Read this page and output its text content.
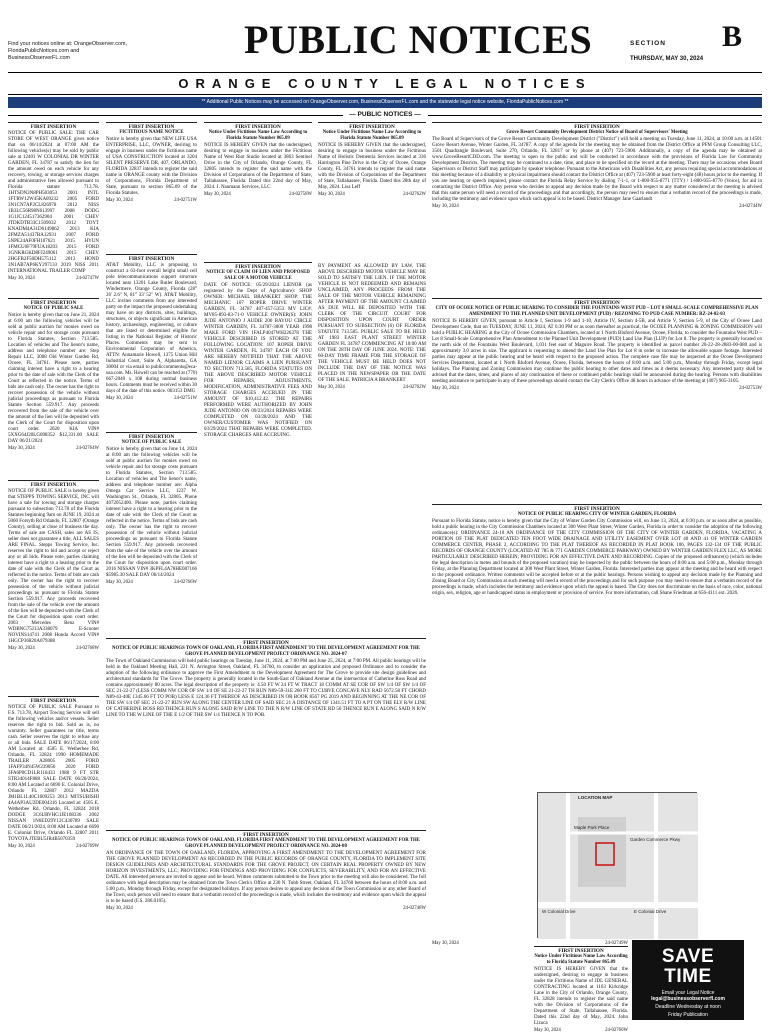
Find your notices online at: OrangeObserver.com,
FloridaPublicNotices.com and
BusinessObserverFL.com	PUBLIC NOTICES	SECTION B
THURSDAY, MAY 30, 2024
ORANGE COUNTY LEGAL NOTICES
** Additional Public Notices may be accessed on OrangeObserver.com, BusinessObserverFL.com and the statewide legal notice website, FloridaPublicNotices.com **
— PUBLIC NOTICES —
FIRST INSERTION
NOTICE OF PUBLIC SALE: THE CAR STORE OF WEST ORANGE gives notice that on 06/14/2024 at 07:00 AM the following vehicles(s) may be sold by public sale at 12401 W COLONIAL DR WINTER GARDEN, FL 34787 to satisfy the lien for the amount owed on each vehicle for any recovery, towing, or storage services charges and administrative fees allowed pursuant to Florida statute 713.78. 1HTSDN3N8PH503053 2001 INTL 1FTRW12W45KA09232 2005 FORD 3N1CN7AP2CL826978 2012 NISS 1B3LC56R98N613997 2008 DODG 1G1JC124517362904 2001 CHEV JTDKDTB33C1509032 2012 TOYT KNADM4A31D6149862 2013 KIA 2FMZA51437BA12931 2007 FORD 5NPE24AF0FH107621 2015 HYUN 1FMCU0F79FUA18203 2015 FORD 1GNKRGKD8FJ249061 2015 CHEV 2HGFB2F50DH575112 2013 HOND 3N1AB7AP6KY297133 2019 NISS 2011 INTERNATIONAL TRAILER COMP
May 30, 2024	24-02747W
FIRST INSERTION
NOTICE OF PUBLIC SALE
Notice is hereby given that on June 21, 2024 at 6:00 am the following vehicles will be sold at public auction for monies owed on vehicle repair and for storage costs pursuant to Florida Statutes, Section 713.585. Location of vehicles and The lienor's name, address and telephone number are: Step Repair LLC, 3008 Old Winter Garden Rd, Ocoee, FL 34761. Please note, parties claiming interest have a right to a hearing prior to the date of sale with the Clerk of the Court as reflected in the notice. Terms of bids are cash only. The owner has the right to recover possession of the vehicle without judicial proceedings as pursuant to Florida Statute Section 559.917. Any proceeds recovered from the sale of the vehicle over the amount of the lien will be deposited with the Clerk of the Court for disposition upon court order. 2020 KIA VIN# 5XXG64J20LG098352 $12,331.00 SALE DAY 06/21/2024
May 30, 2024	24-02764W
FIRST INSERTION
NOTICE OF PUBLIC SALE is hereby given that STEPPS TOWING SERVICE, INC will have a sale for towing and storage charges pursuant to subsection 713.78 of the Florida Statutes beginning 9am on JUNE 19, 2024 at 5060 Forsyth Rd Orlando, FL 32807 (Orange County), selling at close of business the day. Terms of sale are CASH, sales are AS IS, seller does not guarantee a title, ALL SALES ARE FINAL. Stepps Towing Service, Inc. reserves the right to bid and accept or reject any or all bids. Please note, parties claiming interest have a right to a hearing prior to the date of sale with the Clerk of the Court as reflected in the notice. Terms of bids are cash only. The owner has the right to recover possession of the vehicle without judicial proceedings as pursuant to Florida Statute Section 559.917. Any proceeds recovered from the sale of the vehicle over the amount of the lien will be deposited with the Clerk of the Court for disposition upon court order. 2003 Mercedes Benz VIN# WDBNG75J13A338079 E-Scooter NOVINS14741 2008 Honda Accord VIN# 1HGCP36820A079388
May 30, 2024	24-02768W
FIRST INSERTION
NOTICE OF PUBLIC SALE Pursuant to F.S. 713.78, Airport Towing Service will sell the following vehicles and/or vessels. Seller reserves the right to bid. Sold as is, no warranty. Seller guarantees no title, terms cash. Seller reserves the right to refuse any or all bids. SALE DATE 06/17/2024, 8:00 AM Located at: 4505 E. Wetherbee Rd, Orlando, FL 32824 1990 HOMEMADE TRAILER A28005 2005 FORD 1FAFP34N45W239056 2020 FORD 3FA6P0CD1LR118433 1988 9 FT STR STR34014F888 SALE DATE 06/20/2024, 8:00 AM Located at 6690 E. Colonial Drive, Orlando FL 32807 2012 MAZDA JM1BL1L40C1609253 2013 MITSUBISHI 4A4AP3AU2DE004316 Located at: 4505 E. Wetherbee Rd, Orlando, FL 32824 2018 DODGE 3C6URVHG1JE108336 2002 NISSAN 1N6ED29Y12C430789 SALE DATE 06/21/2024, 8:00 AM Located at 6690 E. Colonial Drive, Orlando FL 32807 2011 TOYOTA JTEBU5JR4B5070359
May 30, 2024	24-02769W
FIRST INSERTION
FICTITIOUS NAME NOTICE
Notice is hereby given that NEW LIFE USA ENTERPRISE, LLC, OWNER, desiring to engage in business under the fictitious name of USA CONSTRUCTION located at 3204 SILENT PRESERVE DR, 407, ORLANDO, FLORIDA 32837 intends to register the said name in ORANGE county with the Division of Corporations, Florida Department of State, pursuant to section 865.09 of the Florida Statutes.
May 30, 2024	24-02751W
FIRST INSERTION
AT&T Mobility, LLC is proposing to construct a 63-foot overall height small cell pole telecommunications support structure located near 13201 Lake Butler Boulevard, Windermere, Orange County, Florida (28° 26' 2.6" N, 81° 33' 52" W). AT&T Mobility, LLC invites comments from any interested party on the impact the proposed undertaking may have on any districts, sites, buildings, structures, or objects significant in American history, archaeology, engineering, or culture that are listed or determined eligible for listing in the National Register of Historic Places. Comments may be sent to Environmental Corporation of America, ATTN: Annamarie Howell, 1375 Union Hill Industrial Court, Suite A, Alpharetta, GA 30004 or via email to publiccomments@eca-usa.com. Ms. Howell can be reached at (770) 667-2040 x 108 during normal business hours. Comments must be received within 30 days of the date of this notice. 003153 DMG
May 30, 2024	24-02751W
FIRST INSERTION
NOTICE OF PUBLIC SALE
Notice is hereby given that on June 14, 2024 at 8:00 am the following vehicles will be sold at public auction for monies owed on vehicle repair and for storage costs pursuant to Florida Statutes, Section 713.585. Location of vehicles and The lienor's name, address and telephone number are: Alpha Omega Car Service LLC, 1237 W. Washington St., Orlando, FL 32805. Phone 4072052400. Please note, parties claiming interest have a right to a hearing prior to the date of sale with the Clerk of the Court as reflected in the notice. Terms of bids are cash only. The owner has the right to recover possession of the vehicle without judicial proceedings as pursuant to Florida Statute Section 559.917. Any proceeds recovered from the sale of the vehicle over the amount of the lien will be deposited with the Clerk of the Court for disposition upon court order. 2016 NISSAN VIN# 3KPFL4A78HE087166 $5985.30 SALE DAY 06/14/2024
May 30, 2024	24-02766W
FIRST INSERTION
Notice Under Fictitious Name Law According to Florida Statute Number 865.09
NOTICE IS HEREBY GIVEN that the undersigned, desiring to engage in business under the Fictitious Name of West Riot Studio located at 3863 Sentinel Drive in the City of Orlando, Orange County, FL 32805 intends to register the said name with the Division of Corporations of the Department of State, Tallahassee, Florida. Dated this 22nd day of May, 2024. J. Naumann Services, LLC
May 30, 2024	24-02758W
FIRST INSERTION
NOTICE OF CLAIM OF LIEN AND PROPOSED SALE OF A MOTOR VEHICLE
DATE OF NOTICE: 05/29/2024 LIENOR (as registered by the Dept of Agriculture): SHOP OWNER: MICHAEL BRANKERT SHOP: THE MECHANIC 107 ROPER DRIVE WINTER GARDEN, FL 34787 407-457-5353 MV LIC#: MV85-893-83-71-0 VEHICLE OWNER(S): JOHN JUDE ANTONIO J AUDIE 200 BAYOU CIRCLE WINTER GARDEN, FL 34787-3000 YEAR 1998 MAKE FORD VIN 1FALP4047WH226378 THE VEHICLE DESCRIBED IS STORED AT THE FOLLOWING LOCATION: 107 ROPER DRIVE WINTER GARDEN, FL 34787 EACH OF YOU ARE HEREBY NOTIFIED THAT THE ABOVE NAMED LIENOR CLAIMS A LIEN PURSUANT TO SECTION 713.585, FLORIDA STATUTES ON THE ABOVE DESCRIBED MOTOR VEHICLE FOR REPAIRS, ADJUSTMENTS, MODIFICATION, ADMINISTRATIVE FEES AND STORAGE CHARGES ACCRUED IN THE AMOUNT OF $10,412.42. THE REPAIRS PERFORMED WERE AUTHORIZED BY JOHN JUDE ANTONIO ON 09/23/2024 REPAIRS WERE COMPLETED ON 03/28/2024 AND THE OWNER/CUSTOMER WAS NOTIFIED ON 03/29/2024 THAT REPAIRS WERE COMPLETED. STORAGE CHARGES ARE ACCRUING.
FIRST INSERTION
Notice Under Fictitious Name Law According to Florida Statute Number 865.09
NOTICE IS HEREBY GIVEN that the undersigned, desiring to engage in business under the Fictitious Name of Holistic Dementia Services located at 336 Harrington Pine Drive in the City of Ocoee, Orange County, FL 34761 intends to register the said name with the Division of Corporations of the Department of State, Tallahassee, Florida. Dated this 28th day of May, 2024. Lisa Leff
May 30, 2024	24-02762W
BY PAYMENT AS ALLOWED BY LAW, THE ABOVE DESCRIBED MOTOR VEHICLE MAY BE SOLD TO SATISFY THE LIEN. IF THE MOTOR VEHICLE IS NOT REDEEMED AND REMAINS UNCLAIMED, ANY PROCEEDS FROM THE SALE OF THE MOTOR VEHICLE REMAINING AFTER PAYMENT OF THE AMOUNT CLAIMED AS DUE WILL BE DEPOSITED WITH THE CLERK OF THE CIRCUIT COURT FOR DISPOSITION UPON COURT ORDER PURSUANT TO SUBSECTION (6) OF FLORIDA STATUTE 713.585. PUBLIC SALE TO BE HELD AT 1983 EAST PLANT STREET WINTER GARDEN FL 34787 COMMENCING AT 10:00 AM ON THE 28TH DAY OF JUNE 2024. NOTE: THE 60-DAY TIME FRAME FOR THE STORAGE OF THE VEHICLE MUST BE HELD DOES NOT INCLUDE THE DAY OF THE NOTICE WAS PLACED IN THE NEWSPAPER OR THE DATE OF THE SALE. PATRICIA A BRANKERT
May 30, 2024	24-02762W
FIRST INSERTION
NOTICE OF PUBLIC HEARINGS TOWN OF OAKLAND, FLORIDA FIRST AMENDMENT TO THE DEVELOPMENT AGREEMENT FOR THE GROVE PLANNED DEVELOPMENT PROJECT ORDINANCE NO. 2024-07
The Town of Oakland Commission will hold public hearings on Tuesday, June 11, 2024, at 7:00 PM and June 25, 2024, at 7:00 PM. All public hearings will be held in the Oakland Meeting Hall, 221 N. Arrington Street, Oakland, FL 34760, to consider an application and proposed Ordinance and to consider the adoption of the following ordinance to approve the First Amendment to the Development Agreement for The Grove to provide site design guidelines and architectural standards for The Grove. The property is generally located in the South-East of Oakland Avenue at the intersection of Catherine Ross Road and contains approximately 80 acres. The legal description of the property is: 4.50 FT W 24 FT W TRACT 18 COMM AT SE COR OF SW 1/4 OF SW 1/4 OF SEC 21-22-27 (LESS COMM NW COR OF SW 1/4 OF SE 21-22-27 TH RUN N89-59-31E 260 FT TO CURVE CONCAVE NLY RAD 5672.58 FT CHORD N89-43-40E 1345.66 FT TO POB) LESS E 124.36 FT THEREOF AS DESCRIBED IN OR BOOK 8567 PG 2019 AND BEGINNING AT THE NE COR OF THE SW 1/4 OF SEC 21-22-27 RUN SW ALONG THE CENTER LINE OF SAID SEC 21 A DISTANCE OF 1341.51 FT TO A PT ON THE ELY R/W LINE OF CATHERINE ROSS RD THENCE RUN S ALONG SAID R/W LINE TO THE N R/W LINE OF STATE RD 50 THENCE RUN E ALONG SAID N R/W LINE TO THE W LINE OF THE E 1/2 OF THE SW 1/4 THENCE N TO POB.
FIRST INSERTION
NOTICE OF PUBLIC HEARINGS TOWN OF OAKLAND, FLORIDA FIRST AMENDMENT TO THE DEVELOPMENT AGREEMENT FOR THE GROVE PLANNED DEVELOPMENT PROJECT ORDINANCE NO. 2024-08
AN ORDINANCE OF THE TOWN OF OAKLAND, FLORIDA, APPROVING A FIRST AMENDMENT TO THE DEVELOPMENT AGREEMENT FOR THE GROVE PLANNED DEVELOPMENT AS RECORDED IN THE PUBLIC RECORDS OF ORANGE COUNTY, FLORIDA TO IMPLEMENT SITE DESIGN GUIDELINES AND ARCHITECTURAL STANDARDS FOR THE GROVE PROJECT, ON CERTAIN REAL PROPERTY OWNED BY NEW HORIZON INVESTMENTS, LLC; PROVIDING FOR FINDINGS AND PROVIDING FOR CONFLICTS, SEVERABILITY, AND FOR AN EFFECTIVE DATE. All interested persons are invited to appear and be heard. Written comments submitted to the Town prior to the meeting will also be considered. The full ordinance with legal description may be obtained from the Town Clerk's Office at 230 N. Tubb Street, Oakland, FL 34760 between the hours of 8:00 a.m. and 5:00 p.m., Monday through Friday, except for designated holidays. If any person desires to appeal any decision of the Town Commission or any other Board of the Town, such person will need to ensure that a verbatim record of the proceedings is made, which includes the testimony and evidence upon which the appeal is to be based (F.S. 286.0105).
May 30, 2024	24-02748W
FIRST INSERTION
Grove Resort Community Development District Notice of Board of Supervisors' Meeting
The Board of Supervisors of the Grove Resort Community Development District ("District") will hold a meeting on Tuesday, June 11, 2024, at 10:00 a.m. at 14501 Grove Resort Avenue, Winter Garden, FL 34787. A copy of the agenda for the meeting may be obtained from the District Office at PFM Group Consulting LLC, 3501 Quadrangle Boulevard, Suite 270, Orlando, FL 32817 or by phone at (407) 723-5900. Additionally, a copy of the agenda may be obtained at www.GroveResortCDD.com. The meeting is open to the public and will be conducted in accordance with the provisions of Florida Law for Community Development Districts. The meeting may be continued to a date, time, and place to be specified on the record at the meeting. There may be occasions when Board Supervisors or District Staff may participate by speaker telephone. Pursuant to the Americans with Disabilities Act, any person requiring special accommodations at this meeting because of a disability or physical impairment should contact the District Office at (407) 723-5900 at least forty-eight (48) hours prior to the meeting. If you are hearing or speech impaired, please contact the Florida Relay Service by dialing 7-1-1, or 1-800-955-8771 (TTY) / 1-800-955-8770 (Voice), for aid in contacting the District Office. Any person who decides to appeal any decision made by the Board with respect to any matter considered at the meeting is advised that this same person will need a record of the proceedings and that accordingly, the person may need to ensure that a verbatim record of the proceedings is made, including the testimony and evidence upon which such appeal is to be based. District Manager Jane Gaarlandt
May 30, 2024	24-02744W
FIRST INSERTION
CITY OF OCOEE NOTICE OF PUBLIC HEARING TO CONSIDER THE FOUNTAINS WEST PUD – LOT 8 SMALL-SCALE COMPREHENSIVE PLAN AMENDMENT TO THE PLANNED UNIT DEVELOPMENT (PUD) / REZONING TO PUD CASE NUMBER: RZ-24-02-03
NOTICE IS HEREBY GIVEN, pursuant to Article I, Sections 1-9 and 1-10, Article IV, Section 4-5B, and Article V, Section 5-9, of the City of Ocoee Land Development Code, that on TUESDAY, JUNE 11, 2024, AT 6:30 PM or as soon thereafter as practical, the OCOEE PLANNING & ZONING COMMISSION will hold a PUBLIC HEARING at the City of Ocoee Commission Chambers, located at 1 North Bluford Avenue, Ocoee, Florida, to consider the Fountains West PUD – Lot 8 Small-Scale Comprehensive Plan Amendment to the Planned Unit Development (PUD) Land Use Plan (LUP) for Lot 8. The property is generally located on the north side of the Fountains West Boulevard, 1,031 feet east of Maguire Road. The property is identified as parcel number 20-22-28-2883-00-080 and is approximately 3.0 acres in size. The applicant is requesting to amend the Land Use Plan for Lot 8 in order to increase the allowable square footage. Interested parties may appear at the public hearing and be heard with respect to the proposed action. The complete case file may be inspected at the Ocoee Development Services Department, located at 1 North Bluford Avenue, Ocoee, Florida, between the hours of 8:00 a.m. and 5:00 p.m., Monday through Friday, except legal holidays. The Planning and Zoning Commission may continue the public hearing to other dates and times as it deems necessary. Any interested party shall be advised that the dates, times, and places of any continuation of these or continued public hearings shall be announced during the hearing. Persons with disabilities needing assistance to participate in any of these proceedings should contact the City Clerk's Office 48 hours in advance of the meeting at (407) 905-3105.
May 30, 2024	24-02753W
FIRST INSERTION
NOTICE OF PUBLIC HEARING CITY OF WINTER GARDEN, FLORIDA
Pursuant to Florida Statute, notice is hereby given that the City of Winter Garden City Commission will, on June 13, 2024, at 6:30 p.m. or as soon after as possible, hold a public hearing in the City Commission Chambers located at 300 West Plant Street, Winter Garden, Florida in order to consider the adoption of the following ordinance(s): ORDINANCE 24-10 AN ORDINANCE OF THE CITY COMMISSION OF THE CITY OF WINTER GARDEN, FLORIDA, VACATING A PORTION OF THE PLAT DEDICATED TEN FOOT WIDE DRAINAGE AND UTILITY EASEMENT OVER LOT 40 AND 41 OF WINTER GARDEN COMMERCE CENTER, PHASE 2, ACCORDING TO THE PLAT THEREOF AS RECORDED IN PLAT BOOK 106, PAGES 132-134 OF THE PUBLIC RECORDS OF ORANGE COUNTY (LOCATED AT 785 & 771 GARDEN COMMERCE PARKWAY) OWNED BY WINTER GARDEN FLEX LLC, AS MORE PARTICULARLY DESCRIBED HEREIN; PROVIDING FOR AN EFFECTIVE DATE AND RECORDING. Copies of the proposed ordinance(s) (which includes the legal description in metes and bounds of the proposed vacation) may be inspected by the public between the hours of 8:00 a.m. and 5:00 p.m., Monday through Friday, at the Planning Department located at 300 West Plant Street, Winter Garden, Florida. Interested parties may appear at the meeting and be heard with respect to the proposed ordinance. Written comments will be accepted before or at the public hearings. Persons wishing to appeal any decision made by the Planning and Zoning Board or City Commission at such meeting will need a record of the proceedings and for such purpose you may need to ensure that a verbatim record of the proceedings is made, which includes the testimony and evidence upon which the appeal is based. The City does not discriminate on the basis of race, color, national origin, sex, religion, age or handicapped status in employment or provision of service. For more information, call Shane Friedman at 656-4111 ext. 2026.
LOCATION MAP
Maple Park Place
Garden Commerce Pkwy
W Colonial Drive	E Colonial Drive
May 30, 2024	24-02749W
FIRST INSERTION
Notice Under Fictitious Name Law According to Florida Statute Number 865.09
NOTICE IS HEREBY GIVEN that the undersigned, desiring to engage in business under the Fictitious Name of JDL GENERAL CONTRACTING located at 1163 Kirkridge Lane in the City of Orlando, Orange County, FL 32828 intends to register the said name with the Division of Corporations of the Department of State, Tallahassee, Florida. Dated this 22nd day of May, 2024. John Lizuca
May 30, 2024	24-02760W
SAVE
TIME
Email your Legal Notice
legal@businessobserverfl.com
Deadline Wednesday at noon
Friday Publication
